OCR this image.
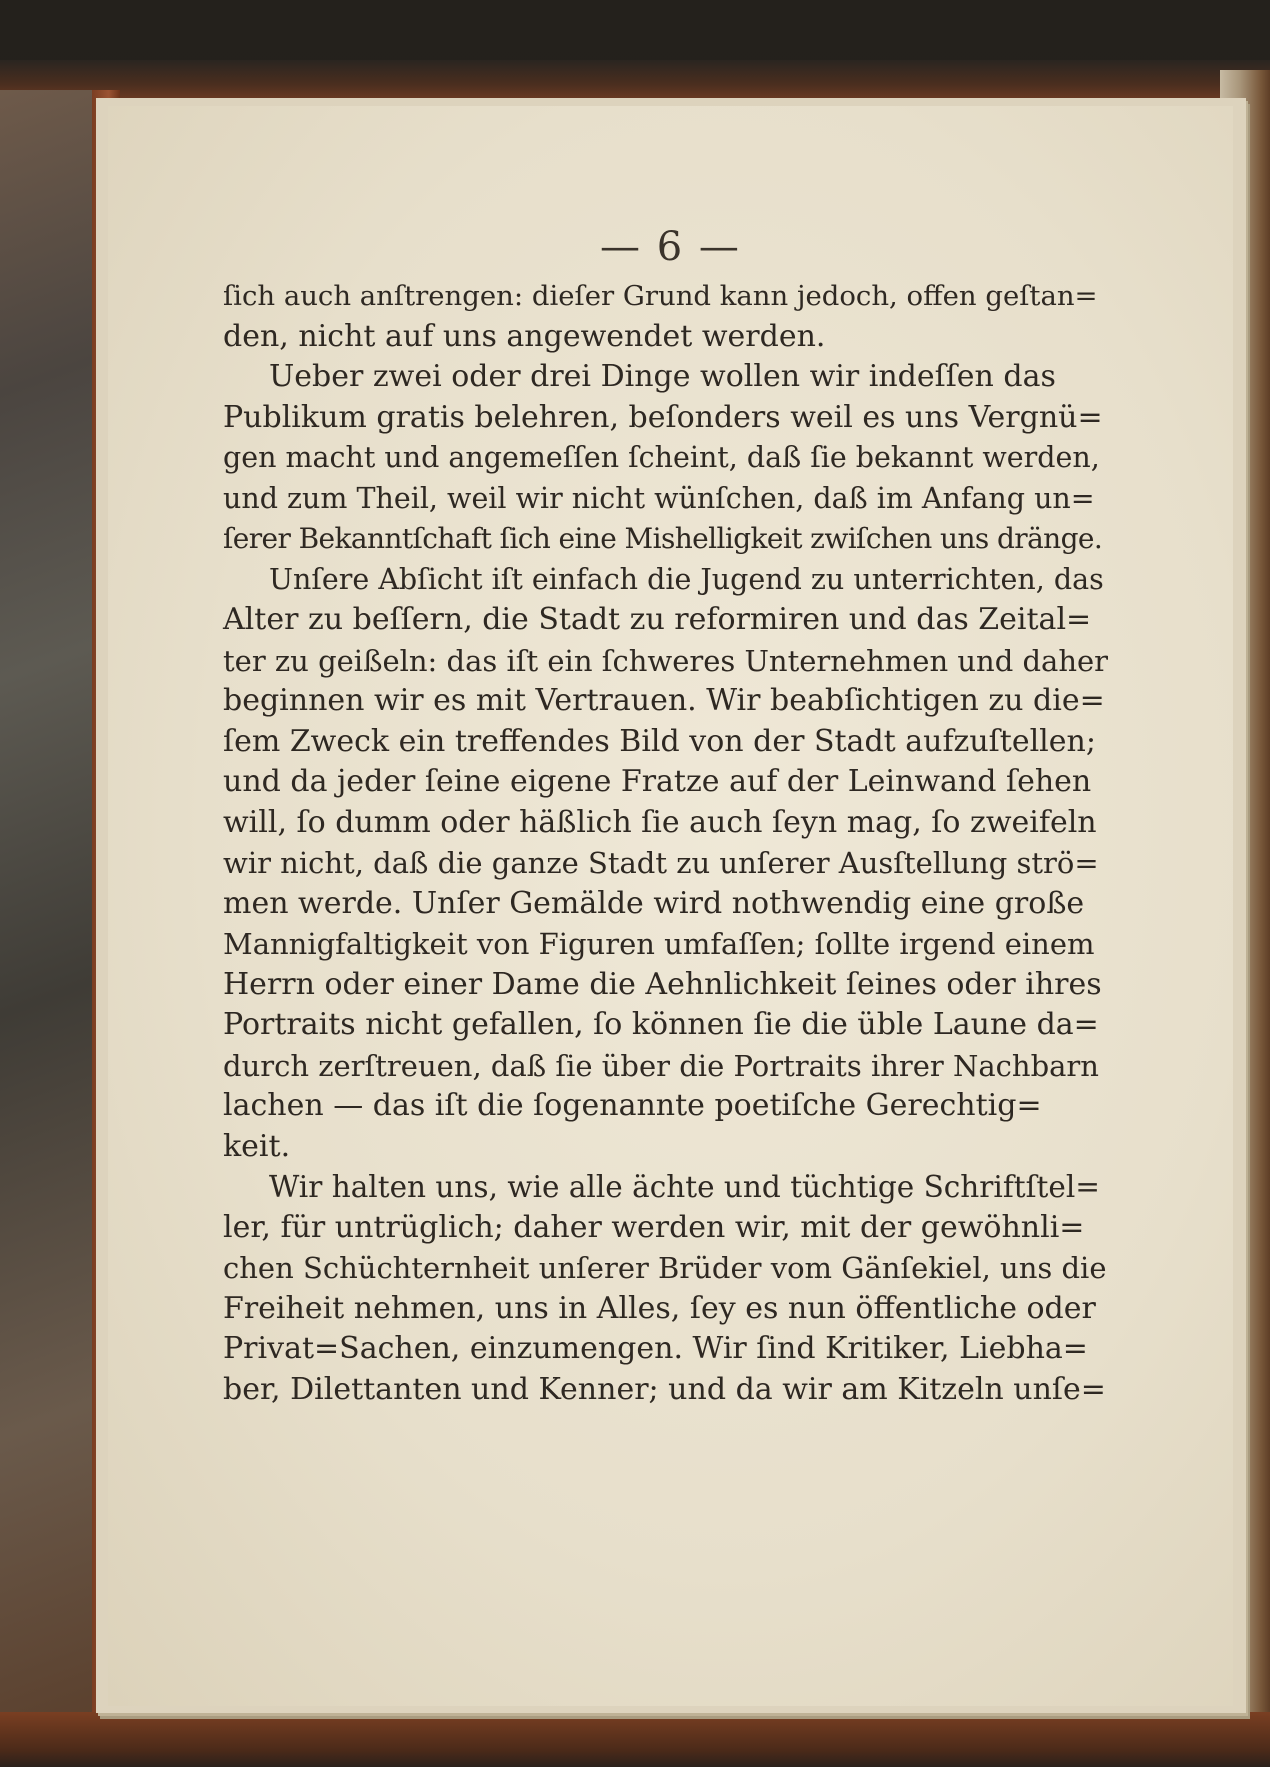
— 6 —
ſich auch anſtrengen: dieſer Grund kann jedoch, offen geſtan=
den, nicht auf uns angewendet werden.
Ueber zwei oder drei Dinge wollen wir indeſſen das
Publikum gratis belehren, beſonders weil es uns Vergnü=
gen macht und angemeſſen ſcheint, daß ſie bekannt werden,
und zum Theil, weil wir nicht wünſchen, daß im Anfang un=
ſerer Bekanntſchaft ſich eine Mishelligkeit zwiſchen uns dränge.
Unſere Abſicht iſt einfach die Jugend zu unterrichten, das
Alter zu beſſern, die Stadt zu reformiren und das Zeital=
ter zu geißeln: das iſt ein ſchweres Unternehmen und daher
beginnen wir es mit Vertrauen. Wir beabſichtigen zu die=
ſem Zweck ein treffendes Bild von der Stadt aufzuſtellen;
und da jeder ſeine eigene Fratze auf der Leinwand ſehen
will, ſo dumm oder häßlich ſie auch ſeyn mag, ſo zweifeln
wir nicht, daß die ganze Stadt zu unſerer Ausſtellung strö=
men werde. Unſer Gemälde wird nothwendig eine große
Mannigfaltigkeit von Figuren umfaſſen; ſollte irgend einem
Herrn oder einer Dame die Aehnlichkeit ſeines oder ihres
Portraits nicht gefallen, ſo können ſie die üble Laune da=
durch zerſtreuen, daß ſie über die Portraits ihrer Nachbarn
lachen — das iſt die ſogenannte poetiſche Gerechtig=
keit.
Wir halten uns, wie alle ächte und tüchtige Schriftſtel=
ler, für untrüglich; daher werden wir, mit der gewöhnli=
chen Schüchternheit unſerer Brüder vom Gänſekiel, uns die
Freiheit nehmen, uns in Alles, ſey es nun öffentliche oder
Privat=Sachen, einzumengen. Wir ſind Kritiker, Liebha=
ber, Dilettanten und Kenner; und da wir am Kitzeln unſe=
